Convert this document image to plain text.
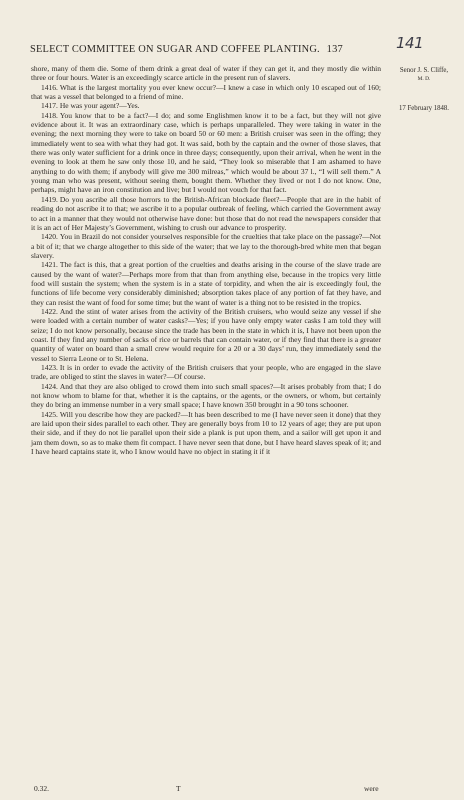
SELECT COMMITTEE ON SUGAR AND COFFEE PLANTING. 137	141
Senor J. S. Cliffe,
M. D.
17 February 1848.

shore, many of them die. Some of them drink a great deal of water if they can get it, and they mostly die within three or four hours. Water is an exceedingly scarce article in the present run of slavers.

1416. What is the largest mortality you ever knew occur?—I knew a case in which only 10 escaped out of 160; that was a vessel that belonged to a friend of mine.

1417. He was your agent?—Yes.

1418. You know that to be a fact?—I do; and some Englishmen know it to be a fact, but they will not give evidence about it. It was an extraordinary case, which is perhaps unparalleled. They were taking in water in the evening; the next morning they were to take on board 50 or 60 men: a British cruiser was seen in the offing; they immediately went to sea with what they had got. It was said, both by the captain and the owner of those slaves, that there was only water sufficient for a drink once in three days; consequently, upon their arrival, when he went in the evening to look at them he saw only those 10, and he said, “They look so miserable that I am ashamed to have anything to do with them; if anybody will give me 300 milreas,” which would be about 37 l., “I will sell them.” A young man who was present, without seeing them, bought them. Whether they lived or not I do not know. One, perhaps, might have an iron constitution and live; but I would not vouch for that fact.

1419. Do you ascribe all those horrors to the British-African blockade fleet?—People that are in the habit of reading do not ascribe it to that; we ascribe it to a popular outbreak of feeling, which carried the Government away to act in a manner that they would not otherwise have done: but those that do not read the newspapers consider that it is an act of Her Majesty’s Government, wishing to crush our advance to prosperity.

1420. You in Brazil do not consider yourselves responsible for the cruelties that take place on the passage?—Not a bit of it; that we charge altogether to this side of the water; that we lay to the thorough-bred white men that began slavery.

1421. The fact is this, that a great portion of the cruelties and deaths arising in the course of the slave trade are caused by the want of water?—Perhaps more from that than from anything else, because in the tropics very little food will sustain the system; when the system is in a state of torpidity, and when the air is exceedingly foul, the functions of life become very considerably diminished; absorption takes place of any portion of fat they have, and they can resist the want of food for some time; but the want of water is a thing not to be resisted in the tropics.

1422. And the stint of water arises from the activity of the British cruisers, who would seize any vessel if she were loaded with a certain number of water casks?—Yes; if you have only empty water casks I am told they will seize; I do not know personally, because since the trade has been in the state in which it is, I have not been upon the coast. If they find any number of sacks of rice or barrels that can contain water, or if they find that there is a greater quantity of water on board than a small crew would require for a 20 or a 30 days’ run, they immediately send the vessel to Sierra Leone or to St. Helena.

1423. It is in order to evade the activity of the British cruisers that your people, who are engaged in the slave trade, are obliged to stint the slaves in water?—Of course.

1424. And that they are also obliged to crowd them into such small spaces?—It arises probably from that; I do not know whom to blame for that, whether it is the captains, or the agents, or the owners, or whom, but certainly they do bring an immense number in a very small space; I have known 350 brought in a 90 tons schooner.

1425. Will you describe how they are packed?—It has been described to me (I have never seen it done) that they are laid upon their sides parallel to each other. They are generally boys from 10 to 12 years of age; they are put upon their side, and if they do not lie parallel upon their side a plank is put upon them, and a sailor will get upon it and jam them down, so as to make them fit compact. I have never seen that done, but I have heard slaves speak of it; and I have heard captains state it, who I know would have no object in stating it if it

0.32.	T	were
